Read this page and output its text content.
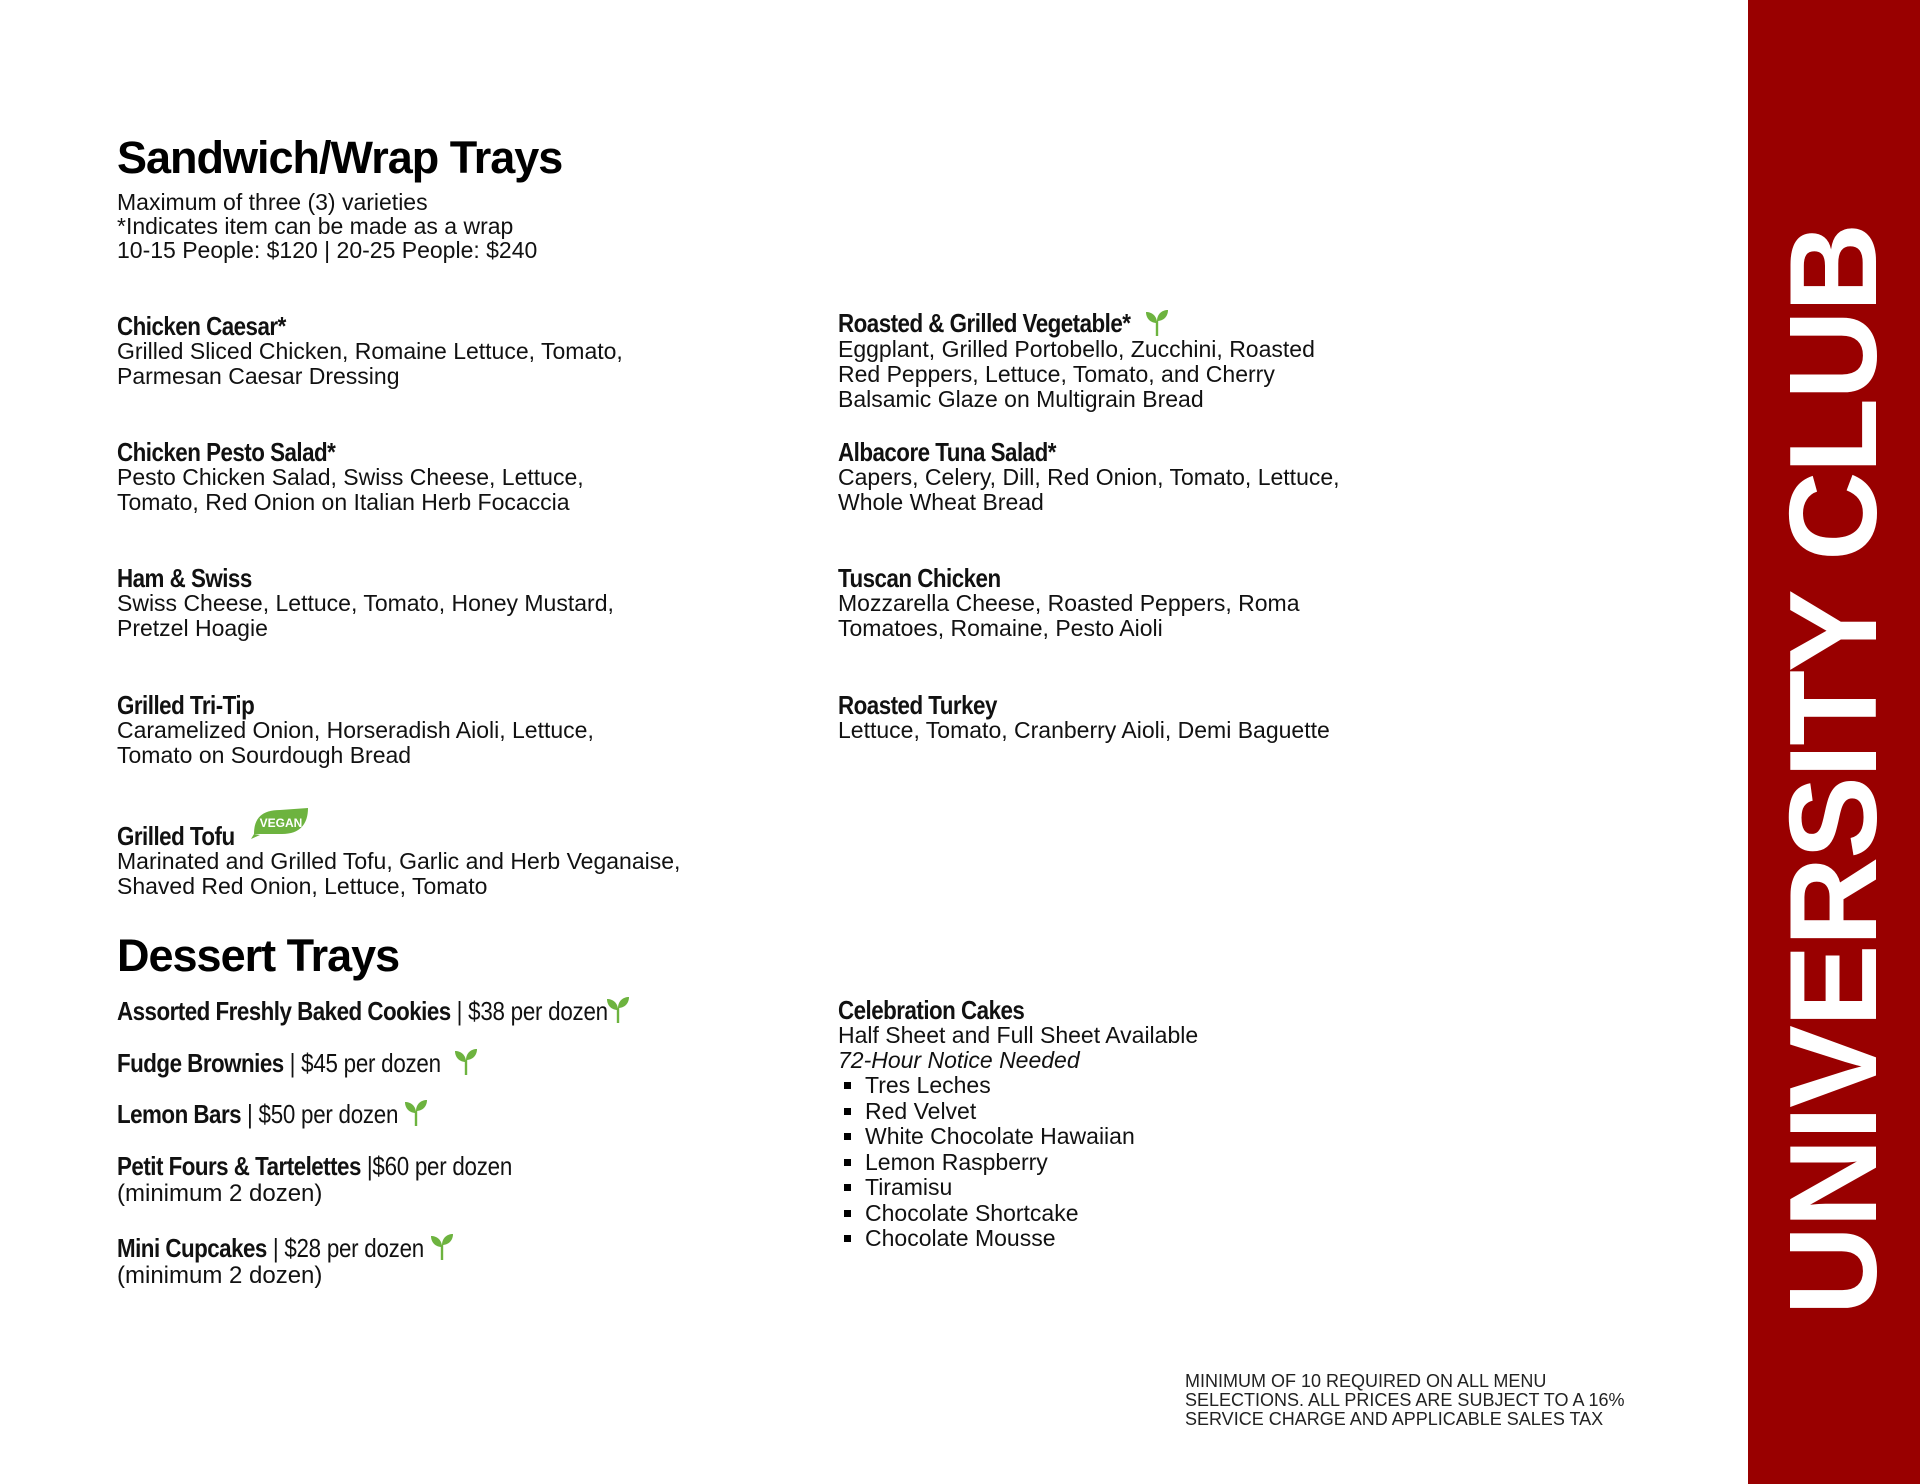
Sandwich/Wrap Trays
Maximum of three (3) varieties
*Indicates item can be made as a wrap
10-15 People: $120 | 20-25 People: $240
Chicken Caesar*
Grilled Sliced Chicken, Romaine Lettuce, Tomato,
Parmesan Caesar Dressing
Chicken Pesto Salad*
Pesto Chicken Salad, Swiss Cheese, Lettuce,
Tomato, Red Onion on Italian Herb Focaccia
Ham & Swiss
Swiss Cheese, Lettuce, Tomato, Honey Mustard,
Pretzel Hoagie
Grilled Tri-Tip
Caramelized Onion, Horseradish Aioli, Lettuce,
Tomato on Sourdough Bread
Grilled Tofu VEGAN
Marinated and Grilled Tofu, Garlic and Herb Veganaise,
Shaved Red Onion, Lettuce, Tomato
Roasted & Grilled Vegetable*
Eggplant, Grilled Portobello, Zucchini, Roasted
Red Peppers, Lettuce, Tomato, and Cherry
Balsamic Glaze on Multigrain Bread
Albacore Tuna Salad*
Capers, Celery, Dill, Red Onion, Tomato, Lettuce,
Whole Wheat Bread
Tuscan Chicken
Mozzarella Cheese, Roasted Peppers, Roma
Tomatoes, Romaine, Pesto Aioli
Roasted Turkey
Lettuce, Tomato, Cranberry Aioli, Demi Baguette
Dessert Trays
Assorted Freshly Baked Cookies | $38 per dozen
Fudge Brownies | $45 per dozen
Lemon Bars | $50 per dozen
Petit Fours & Tartelettes |$60 per dozen
(minimum 2 dozen)
Mini Cupcakes | $28 per dozen
(minimum 2 dozen)
Celebration Cakes
Half Sheet and Full Sheet Available
72-Hour Notice Needed
Tres Leches
Red Velvet
White Chocolate Hawaiian
Lemon Raspberry
Tiramisu
Chocolate Shortcake
Chocolate Mousse
MINIMUM OF 10 REQUIRED ON ALL MENU
SELECTIONS. ALL PRICES ARE SUBJECT TO A 16%
SERVICE CHARGE AND APPLICABLE SALES TAX
UNIVERSITY CLUB
